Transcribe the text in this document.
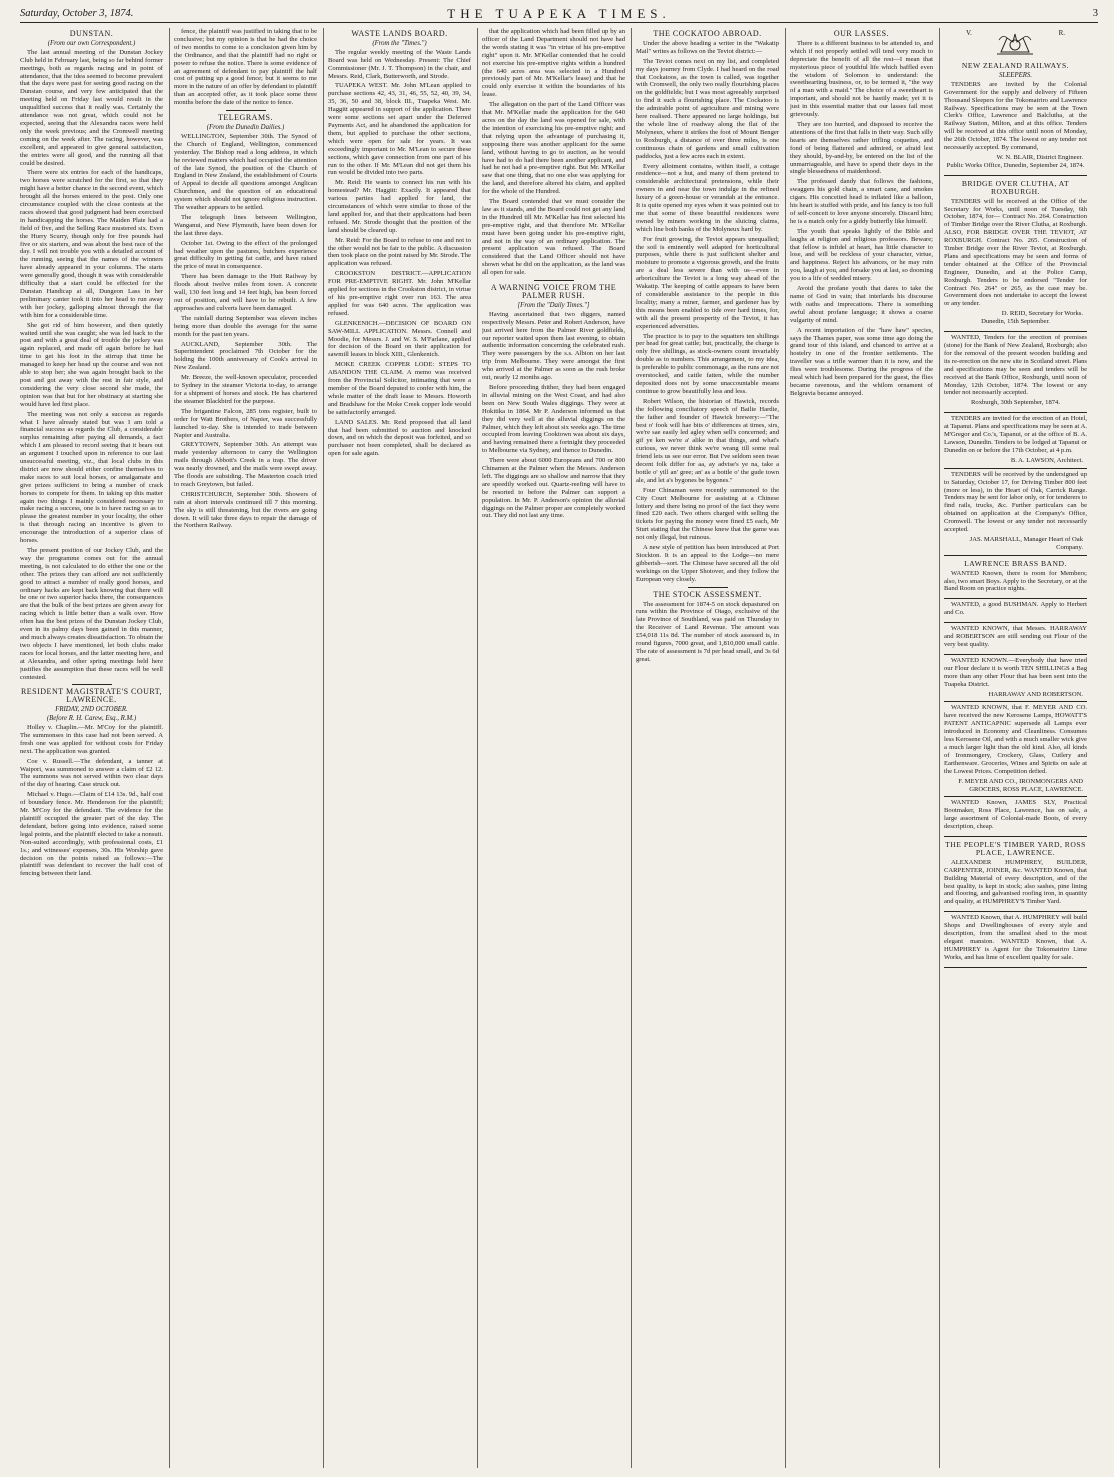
Saturday, October 3, 1874.	THE TUAPEKA TIMES.	3
DUNSTAN.
(From our own Correspondent.)

The last annual meeting of the Dunstan Jockey Club held in February last, being so far behind former meetings, both as regards racing and in point of attendance, that the idea seemed to become prevalent that the days were past for seeing good racing on the Dunstan course, and very few anticipated that the meeting held on Friday last would result in the unqualified success that it really was. Certainly the attendance was not great, which could not be expected, seeing that the Alexandra races were held only the week previous; and the Cromwell meeting coming on the week after. The racing, however, was excellent, and appeared to give general satisfaction, the entries were all good, and the running all that could be desired.

There were six entries for each of the handicaps, two horses were scratched for the first, so that they might have a better chance in the second event, which brought all the horses entered to the post. Only one circumstance coupled with the close contests at the races showed that good judgment had been exercised in handicapping the horses. The Maiden Plate had a field of five, and the Selling Race mustered six. Even the Hurry Scurry, though only for five pounds had five or six starters, and was about the best race of the day. I will not trouble you with a detailed account of the running, seeing that the names of the winners have already appeared in your columns. The starts were generally good, though it was with considerable difficulty that a start could be effected for the Dunstan Handicap at all, Dungeon Lass in her preliminary canter took it into her head to run away with her jockey, galloping almost through the flat with him for a considerable time.

She got rid of him however, and then quietly waited until she was caught; she was led back to the post and with a great deal of trouble the jockey was again replaced, and made off again before he had time to get his foot in the stirrup that time he managed to keep her head up the course and was not able to stop her; she was again brought back to the post and got away with the rest in fair style, and considering the very close second she made, the opinion was that but for her obstinacy at starting she would have led first place.

The meeting was not only a success as regards what I have already stated but was I am told a financial success as regards the Club, a considerable surplus remaining after paying all demands, a fact which I am pleased to record seeing that it bears out an argument I touched upon in reference to our last unsuccessful meeting, viz., that local clubs in this district are now should either confine themselves to make races to suit local horses, or amalgamate and give prizes sufficient to bring a number of crack horses to compete for them. In taking up this matter again two things I mainly considered necessary to make racing a success, one is to have racing so as to please the greatest number in your locality, the other is that through racing an incentive is given to encourage the introduction of a superior class of horses.

The present position of our Jockey Club, and the way the programme comes out for the annual meeting, is not calculated to do either the one or the other. The prizes they can afford are not sufficiently good to attract a number of really good horses, and ordinary hacks are kept back knowing that there will be one or two superior hacks there, the consequences are that the bulk of the best prizes are given away for racing which is little better than a walk over. How often has the best prizes of the Dunstan Jockey Club, even in its palmy days been gained in this manner, and much always creates dissatisfaction. To obtain the two objects I have mentioned, let both clubs make races for local horses, and the latter meeting here, and at Alexandra, and other spring meetings held here justifies the assumption that these races will be well contested.

RESIDENT MAGISTRATE'S COURT, LAWRENCE.
FRIDAY, 2ND OCTOBER.
(Before R. H. Carew, Esq., R.M.)

Holley v. Chaplin.—Mr. M'Coy for the plaintiff. The summonses in this case had not been served. A fresh one was applied for without costs for Friday next. The application was granted.

Coe v. Russell.—The defendant, a tanner at Waipori, was summoned to answer a claim of £2 12. The summons was not served within two clear days of the day of hearing. Case struck out.

Michael v. Hugo.—Claim of £14 13s. 9d., half cost of boundary fence. Mr. Henderson for the plaintiff; Mr. M'Coy for the defendant. The evidence for the plaintiff occupied the greater part of the day. The defendant, before going into evidence, raised some legal points, and the plaintiff elected to take a nonsuit. Non-suited accordingly, with professional costs, £1 1s.; and witnesses' expenses, 30s. His Worship gave decision on the points raised as follows:—The plaintiff was defendant to recover the half cost of fencing between their land.

fence, the plaintiff was justified in taking that to be conclusive; but my opinion is that he had the choice of two months to come to a conclusion given him by the Ordinance, and that the plaintiff had no right or power to refuse the notice. There is some evidence of an agreement of defendant to pay plaintiff the half cost of putting up a good fence; but it seems to me more in the nature of an offer by defendant to plaintiff than an accepted offer, as it took place some three months before the date of the notice to fence.

TELEGRAMS.
(From the Dunedin Dailies.)

WELLINGTON, September 30th. The Synod of the Church of England, Wellington, commenced yesterday. The Bishop read a long address, in which he reviewed matters which had occupied the attention of the late Synod, the position of the Church of England in New Zealand, the establishment of Courts of Appeal to decide all questions amongst Anglican Churchmen, and the question of an educational system which should not ignore religious instruction. The weather appears to be settled.

The telegraph lines between Wellington, Wanganui, and New Plymouth, have been down for the last three days.

October 1st. Owing to the effect of the prolonged bad weather upon the pastures, butchers experience great difficulty in getting fat cattle, and have raised the price of meat in consequence.

There has been damage to the Hutt Railway by floods about twelve miles from town. A concrete wall, 130 feet long and 14 feet high, has been forced out of position, and will have to be rebuilt. A few approaches and culverts have been damaged.

The rainfall during September was eleven inches being more than double the average for the same month for the past ten years.

AUCKLAND, September 30th. The Superintendent proclaimed 7th October for the holding the 100th anniversary of Cook's arrival in New Zealand.

Mr. Breeze, the well-known speculator, proceeded to Sydney in the steamer Victoria to-day, to arrange for a shipment of horses and stock. He has chartered the steamer Blackbird for the purpose.

The brigantine Falcon, 285 tons register, built to order for Watt Brothers, of Napier, was successfully launched to-day. She is intended to trade between Napier and Australia.

GREYTOWN, September 30th. An attempt was made yesterday afternoon to carry the Wellington mails through Abbott's Creek in a trap. The driver was nearly drowned, and the mails were swept away. The floods are subsiding. The Masterton coach tried to reach Greytown, but failed.

CHRISTCHURCH, September 30th. Showers of rain at short intervals continued till 7 this morning. The sky is still threatening, but the rivers are going down. It will take three days to repair the damage of the Northern Railway.

WASTE LANDS BOARD.
(From the "Times.")

The regular weekly meeting of the Waste Lands Board was held on Wednesday. Present: The Chief Commissioner (Mr. J. T. Thompson) in the chair, and Messrs. Reid, Clark, Butterworth, and Strode.

TUAPEKA WEST. Mr. John M'Lean applied to purchase sections 42, 43, 31, 46, 55, 52, 40, 39, 34, 35, 36, 50 and 38, block III., Tuapeka West. Mr. Haggitt appeared in support of the application. There were some sections set apart under the Deferred Payments Act, and he abandoned the application for them, but applied to purchase the other sections, which were open for sale for years. It was exceedingly important to Mr. M'Lean to secure these sections, which gave connection from one part of his run to the other. If Mr. M'Lean did not get them his run would be divided into two parts.

Mr. Reid: He wants to connect his run with his homestead? Mr. Haggitt: Exactly. It appeared that various parties had applied for land, the circumstances of which were similar to those of the land applied for, and that their applications had been refused. Mr. Strode thought that the position of the land should be cleared up.

Mr. Reid: For the Board to refuse to one and not to the other would not be fair to the public. A discussion then took place on the point raised by Mr. Strode. The application was refused.

CROOKSTON DISTRICT.—APPLICATION FOR PRE-EMPTIVE RIGHT. Mr. John M'Kellar applied for sections in the Crookston district, in virtue of his pre-emptive right over run 163. The area applied for was 640 acres. The application was refused.

GLENKENICH.—DECISION OF BOARD ON SAW-MILL APPLICATION. Messrs. Connell and Moodie, for Messrs. J. and W. S. M'Farlane, applied for decision of the Board on their application for sawmill leases in block XIII., Glenkenich.

MOKE CREEK COPPER LODE: STEPS TO ABANDON THE CLAIM. A memo was received from the Provincial Solicitor, intimating that were a member of the Board deputed to confer with him, the whole matter of the draft lease to Messrs. Howorth and Bradshaw for the Moke Creek copper lode would be satisfactorily arranged.

LAND SALES. Mr. Reid proposed that all land that had been submitted to auction and knocked down, and on which the deposit was forfeited, and so purchaser not been completed, shall be declared as open for sale again.

that the application which had been filled up by an officer of the Land Department should not have had the words stating it was "in virtue of his pre-emptive right" upon it. Mr. M'Kellar contended that he could not exercise his pre-emptive rights within a hundred (the 640 acres area was selected in a Hundred previously part of Mr. M'Kellar's lease) and that he could only exercise it within the boundaries of his lease.

The allegation on the part of the Land Officer was that Mr. M'Kellar made the application for the 640 acres on the day the land was opened for sale, with the intention of exercising his pre-emptive right; and that relying upon the advantage of purchasing it, supposing there was another applicant for the same land, without having to go to auction, as he would have had to do had there been another applicant, and had he not had a pre-emptive right. But Mr. M'Kellar saw that one thing, that no one else was applying for the land, and therefore altered his claim, and applied for the whole of the Hundred.

The Board contended that we must consider the law as it stands, and the Board could not get any land in the Hundred till Mr. M'Kellar has first selected his pre-emptive right, and that therefore Mr. M'Kellar must have been going under his pre-emptive right, and not in the way of an ordinary application. The present application was refused. The Board considered that the Land Officer should not have shown what he did on the application, as the land was all open for sale.

A WARNING VOICE FROM THE PALMER RUSH.
[From the "Daily Times."]

Having ascertained that two diggers, named respectively Messrs. Peter and Robert Anderson, have just arrived here from the Palmer River goldfields, our reporter waited upon them last evening, to obtain authentic information concerning the celebrated rush. They were passengers by the s.s. Albion on her last trip from Melbourne. They were amongst the first who arrived at the Palmer as soon as the rush broke out, nearly 12 months ago.

Before proceeding thither, they had been engaged in alluvial mining on the West Coast, and had also been on New South Wales diggings. They were at Hokitika in 1864. Mr P. Anderson informed us that they did very well at the alluvial diggings on the Palmer, which they left about six weeks ago. The time occupied from leaving Cooktown was about six days, and having remained there a fortnight they proceeded to Melbourne via Sydney, and thence to Dunedin.

There were about 6000 Europeans and 700 or 800 Chinamen at the Palmer when the Messrs. Anderson left. The diggings are so shallow and narrow that they are speedily worked out. Quartz-reefing will have to be resorted to before the Palmer can support a population. In Mr. P. Anderson's opinion the alluvial diggings on the Palmer proper are completely worked out. They did not last any time.

THE COCKATOO ABROAD.

Under the above heading a writer in the "Wakatip Mail" writes as follows on the Teviot district:—

The Teviot comes next on my list, and completed my days journey from Clyde. I had heard on the road that Cockatoos, as the town is called, was together with Cromwell, the only two really flourishing places on the goldfields; but I was most agreeably surprised to find it such a flourishing place. The Cockatoo is the admirable point of agriculture and mining were here realised. There appeared no large holdings, but the whole line of roadway along the flat of the Molyneux, where it strikes the foot of Mount Benger to Roxburgh, a distance of over three miles, is one continuous chain of gardens and small cultivation paddocks, just a few acres each in extent.

Every allotment contains, within itself, a cottage residence—not a hut, and many of them pretend to considerable architectural pretensions, while their owners in and near the town indulge in the refined luxury of a green-house or verandah at the entrance. It is quite opened my eyes when it was pointed out to me that some of these beautiful residences were owned by miners working in the sluicing claims, which line both banks of the Molyneux hard by.

For fruit growing, the Teviot appears unequalled; the soil is eminently well adapted for horticultural purposes, while there is just sufficient shelter and moisture to promote a vigorous growth, and the fruits are a deal less severe than with us—even in arboriculture the Teviot is a long way ahead of the Wakatip. The keeping of cattle appears to have been of considerable assistance to the people in this locality; many a miner, farmer, and gardener has by this means been enabled to tide over hard times, for, with all the present prosperity of the Teviot, it has experienced adversities.

The practice is to pay to the squatters ten shillings per head for great cattle; but, practically, the charge is only five shillings, as stock-owners count invariably double as to numbers. This arrangement, to my idea, is preferable to public commonage, as the runs are not overstocked, and cattle fatten, while the number deposited does not by some unaccountable means continue to grow beautifully less and less.

Robert Wilson, the historian of Hawick, records the following conciliatory speech of Bailie Hardie, the father and founder of Hawick brewery:—"The best o' fook will hae bits o' differences at times, sirs, we're sae easily led agley when sell's concerned; and gif ye ken we're a' alike in that things, and what's curious, we never think we're wrang till some real friend lets us see our error. But I've seldom seen twae decent folk differ for aa, ay advise's ye na, take a bottle o' yill an' gree; an' as a bottle o' the gude town ale, and let a's bygones be bygones."

Four Chinaman were recently summoned to the City Court Melbourne for assisting at a Chinese lottery and there being no proof of the fact they were fined £20 each. Two others charged with selling the tickets for paying the money were fined £5 each, Mr Sturt stating that the Chinese knew that the game was not only illegal, but ruinous.

A new style of petition has been introduced at Port Stockton. It is an appeal to the Lodge—no mere gibberish—sort. The Chinese have secured all the old workings on the Upper Shotover, and they follow the European very closely.

THE STOCK ASSESSMENT.

The assessment for 1874-5 on stock depastured on runs within the Province of Otago, exclusive of the late Province of Southland, was paid on Thursday to the Receiver of Land Revenue. The amount was £54,018 11s 8d. The number of stock assessed is, in round figures, 7000 great, and 1,810,000 small cattle. The rate of assessment is 7d per head small, and 3s 6d great.

OUR LASSES.

There is a different business to be attended to, and which if not properly settled will tend very much to depreciate the benefit of all the rest—I mean that mysterious piece of youthful life which baffled even the wisdom of Solomon to understand: the sweethearting business, or, to be termed it, "the way of a man with a maid." The choice of a sweetheart is important, and should not be hastily made; yet it is just in this essential matter that our lasses fail most grievously.

They are too hurried, and disposed to receive the attentions of the first that falls in their way. Such silly hearts are themselves rather trifling coquettes, and fond of being flattered and admired, or afraid lest they should, by-and-by, be entered on the list of the unmarriageable, and have to spend their days in the single blessedness of maidenhood.

The professed dandy that follows the fashions, swaggers his gold chain, a smart cane, and smokes cigars. His conceited head is inflated like a balloon, his heart is stuffed with pride, and his fancy is too full of self-conceit to love anyone sincerely. Discard him; he is a match only for a giddy butterfly like himself.

The youth that speaks lightly of the Bible and laughs at religion and religious professors. Beware; that fellow is infidel at heart, has little character to lose, and will be reckless of your character, virtue, and happiness. Reject his advances, or he may ruin you, laugh at you, and forsake you at last, so dooming you to a life of wedded misery.

Avoid the profane youth that dares to take the name of God in vain; that interlards his discourse with oaths and imprecations. There is something awful about profane language; it shows a coarse vulgarity of mind.

A recent importation of the "haw haw" species, says the Thames paper, was some time ago doing the grand tour of this island, and chanced to arrive at a hostelry in one of the frontier settlements. The traveller was a trifle warmer than it is now, and the flies were troublesome. During the progress of the meal which had been prepared for the guest, the flies became ravenous, and the whilom ornament of Belgravia became annoyed.

V.	R.
NEW ZEALAND RAILWAYS.
SLEEPERS.

TENDERS are invited by the Colonial Government for the supply and delivery of Fifteen Thousand Sleepers for the Tokomairiro and Lawrence Railway. Specifications may be seen at the Town Clerk's Office, Lawrence and Balclutha, at the Railway Station, Milton, and at this office. Tenders will be received at this office until noon of Monday, the 26th October, 1874. The lowest or any tender not necessarily accepted. By command,

W. N. BLAIR, District Engineer.

Public Works Office, Dunedin, September 24, 1874.

BRIDGE OVER CLUTHA, AT ROXBURGH.

TENDERS will be received at the Office of the Secretary for Works, until noon of Tuesday, 6th October, 1874, for— Contract No. 264. Construction of Timber Bridge over the River Clutha, at Roxburgh. ALSO, FOR BRIDGE OVER THE TEVIOT, AT ROXBURGH. Contract No. 265. Construction of Timber Bridge over the River Teviot, at Roxburgh. Plans and specifications may be seen and forms of tender obtained at the Office of the Provincial Engineer, Dunedin, and at the Police Camp, Roxburgh. Tenders to be endorsed "Tender for Contract No. 264" or 265, as the case may be. Government does not undertake to accept the lowest or any tender.

D. REID, Secretary for Works.

Dunedin, 15th September.

WANTED, Tenders for the erection of premises (stone) for the Bank of New Zealand, Roxburgh; also for the removal of the present wooden building and its re-erection on the new site in Scotland street. Plans and specifications may be seen and tenders will be received at the Bank Office, Roxburgh, until noon of Monday, 12th October, 1874. The lowest or any tender not necessarily accepted.

Roxburgh, 30th September, 1874.

TENDERS are invited for the erection of an Hotel, at Tapanui. Plans and specifications may be seen at A. M'Gregor and Co.'s, Tapanui, or at the office of B. A. Lawson, Dunedin. Tenders to be lodged at Tapanui or Dunedin on or before the 17th October, at 4 p.m.

B. A. LAWSON, Architect.

TENDERS will be received by the undersigned up to Saturday, October 17, for Driving Timber 800 feet (more or less), in the Heart of Oak, Carrick Range. Tenders may be sent for labor only, or for tenderers to find rails, trucks, &c. Further particulars can be obtained on application at the Company's Office, Cromwell. The lowest or any tender not necessarily accepted.

JAS. MARSHALL, Manager Heart of Oak Company.

LAWRENCE BRASS BAND.

WANTED Known, there is room for Members; also, two smart Boys. Apply to the Secretary, or at the Band Room on practice nights.

WANTED, a good BUSHMAN. Apply to Herbert and Co.

WANTED KNOWN, that Messrs. HARRAWAY and ROBERTSON are still sending out Flour of the very best quality.

WANTED KNOWN.—Everybody that have tried our Flour declare it is worth TEN SHILLINGS a Bag more than any other Flour that has been sent into the Tuapeka District.

HARRAWAY AND ROBERTSON.

WANTED KNOWN, that F. MEYER AND CO. have received the new Kerosene Lamps, HOWATT'S PATENT ANTICAPNIC supersede all Lamps ever introduced in Economy and Cleanliness. Consumes less Kerosene Oil, and with a much smaller wick give a much larger light than the old kind. Also, all kinds of Ironmongery, Crockery, Glass, Cutlery and Earthenware. Groceries, Wines and Spirits on sale at the Lowest Prices. Competition defied.

F. MEYER AND CO., IRONMONGERS AND GROCERS, ROSS PLACE, LAWRENCE.

WANTED Known, JAMES SLY, Practical Bootmaker, Ross Place, Lawrence, has on sale, a large assortment of Colonial-made Boots, of every description, cheap.

THE PEOPLE'S TIMBER YARD, ROSS PLACE, LAWRENCE.

ALEXANDER HUMPHREY, BUILDER, CARPENTER, JOINER, &c. WANTED Known, that Building Material of every description, and of the best quality, is kept in stock; also sashes, pine lining and flooring, and galvanised roofing iron, in quantity and quality, at HUMPHREY'S Timber Yard.

WANTED Known, that A. HUMPHREY will build Shops and Dwellinghouses of every style and description, from the smallest shed to the most elegant mansion. WANTED Known, that A. HUMPHREY is Agent for the Tokomairiro Lime Works, and has lime of excellent quality for sale.
